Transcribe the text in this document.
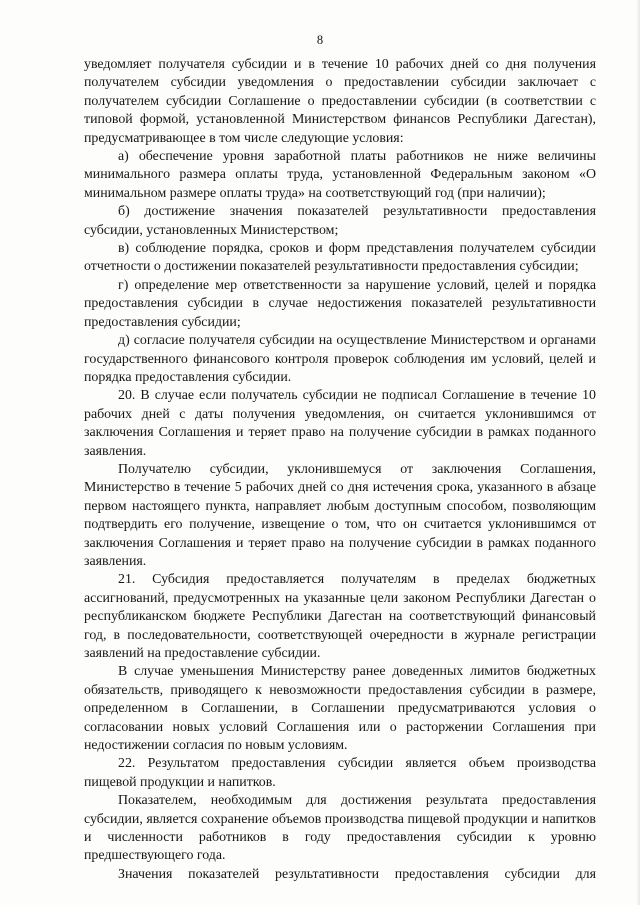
8

уведомляет получателя субсидии и в течение 10 рабочих дней со дня получения получателем субсидии уведомления о предоставлении субсидии заключает с получателем субсидии Соглашение о предоставлении субсидии (в соответствии с типовой формой, установленной Министерством финансов Республики Дагестан), предусматривающее в том числе следующие условия:

а) обеспечение уровня заработной платы работников не ниже величины минимального размера оплаты труда, установленной Федеральным законом «О минимальном размере оплаты труда» на соответствующий год (при наличии);

б) достижение значения показателей результативности предоставления субсидии, установленных Министерством;

в) соблюдение порядка, сроков и форм представления получателем субсидии отчетности о достижении показателей результативности предоставления субсидии;

г) определение мер ответственности за нарушение условий, целей и порядка предоставления субсидии в случае недостижения показателей результативности предоставления субсидии;

д) согласие получателя субсидии на осуществление Министерством и органами государственного финансового контроля проверок соблюдения им условий, целей и порядка предоставления субсидии.

20. В случае если получатель субсидии не подписал Соглашение в течение 10 рабочих дней с даты получения уведомления, он считается уклонившимся от заключения Соглашения и теряет право на получение субсидии в рамках поданного заявления.

Получателю субсидии, уклонившемуся от заключения Соглашения, Министерство в течение 5 рабочих дней со дня истечения срока, указанного в абзаце первом настоящего пункта, направляет любым доступным способом, позволяющим подтвердить его получение, извещение о том, что он считается уклонившимся от заключения Соглашения и теряет право на получение субсидии в рамках поданного заявления.

21. Субсидия предоставляется получателям в пределах бюджетных ассигнований, предусмотренных на указанные цели законом Республики Дагестан о республиканском бюджете Республики Дагестан на соответствующий финансовый год, в последовательности, соответствующей очередности в журнале регистрации заявлений на предоставление субсидии.

В случае уменьшения Министерству ранее доведенных лимитов бюджетных обязательств, приводящего к невозможности предоставления субсидии в размере, определенном в Соглашении, в Соглашении предусматриваются условия о согласовании новых условий Соглашения или о расторжении Соглашения при недостижении согласия по новым условиям.

22. Результатом предоставления субсидии является объем производства пищевой продукции и напитков.

Показателем, необходимым для достижения результата предоставления субсидии, является сохранение объемов производства пищевой продукции и напитков и численности работников в году предоставления субсидии к уровню предшествующего года.

Значения показателей результативности предоставления субсидии для
